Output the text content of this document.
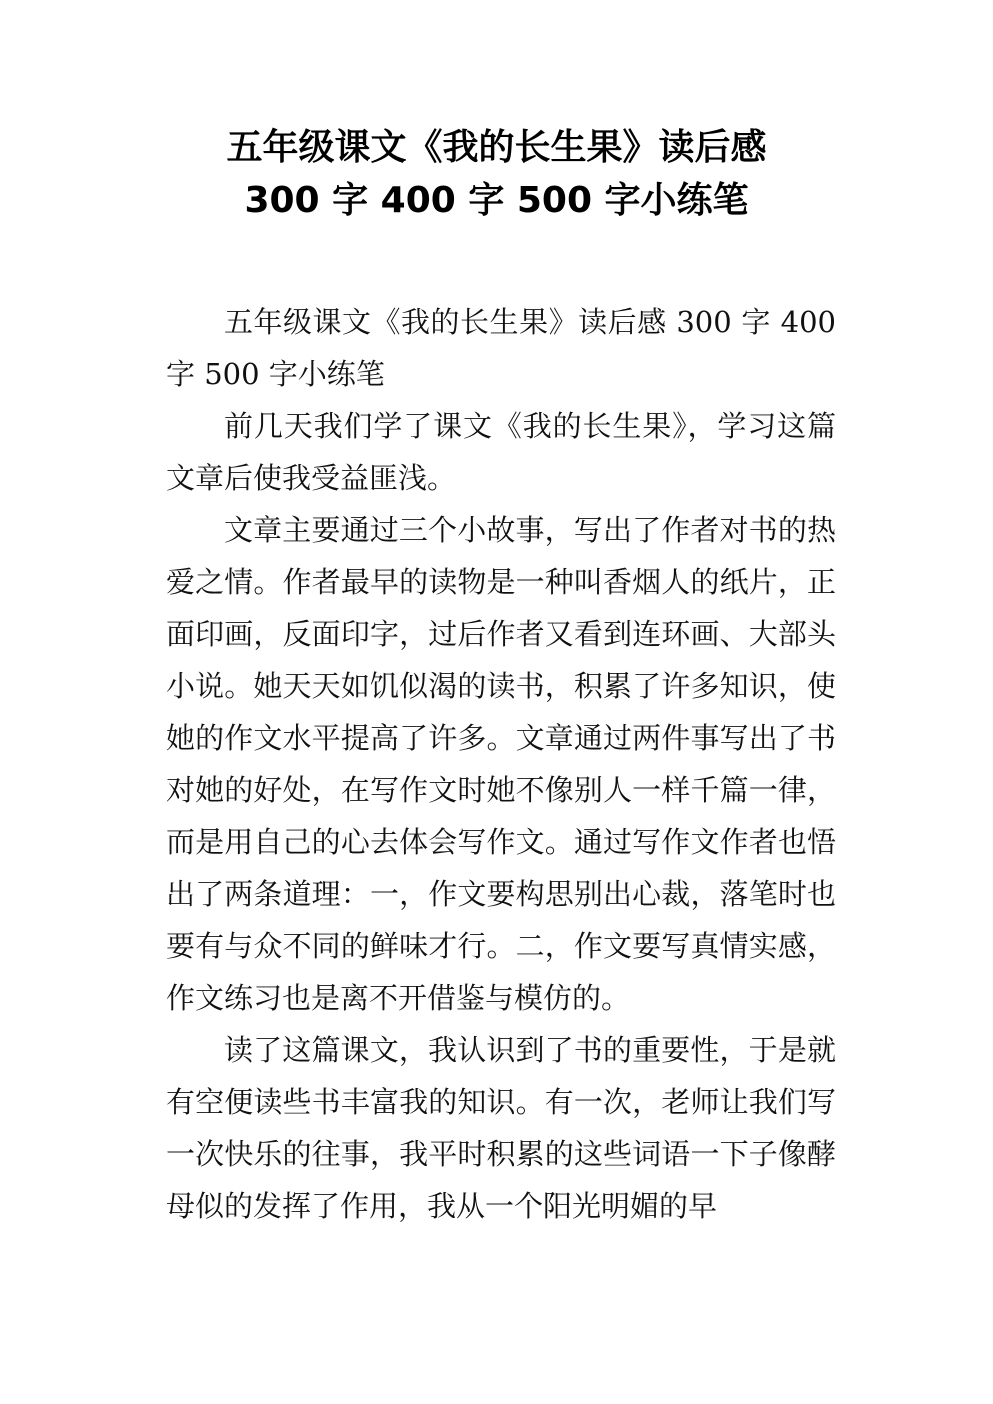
五年级课文《我的长生果》读后感
300 字 400 字 500 字小练笔

五年级课文《我的长生果》读后感 300 字 400 字 500 字小练笔

前几天我们学了课文《我的长生果》，学习这篇文章后使我受益匪浅。

文章主要通过三个小故事，写出了作者对书的热爱之情。作者最早的读物是一种叫香烟人的纸片，正面印画，反面印字，过后作者又看到连环画、大部头小说。她天天如饥似渴的读书，积累了许多知识，使她的作文水平提高了许多。文章通过两件事写出了书对她的好处，在写作文时她不像别人一样千篇一律，而是用自己的心去体会写作文。通过写作文作者也悟出了两条道理：一，作文要构思别出心裁，落笔时也要有与众不同的鲜味才行。二，作文要写真情实感，作文练习也是离不开借鉴与模仿的。

读了这篇课文，我认识到了书的重要性，于是就有空便读些书丰富我的知识。有一次，老师让我们写一次快乐的往事，我平时积累的这些词语一下子像酵母似的发挥了作用，我从一个阳光明媚的早
